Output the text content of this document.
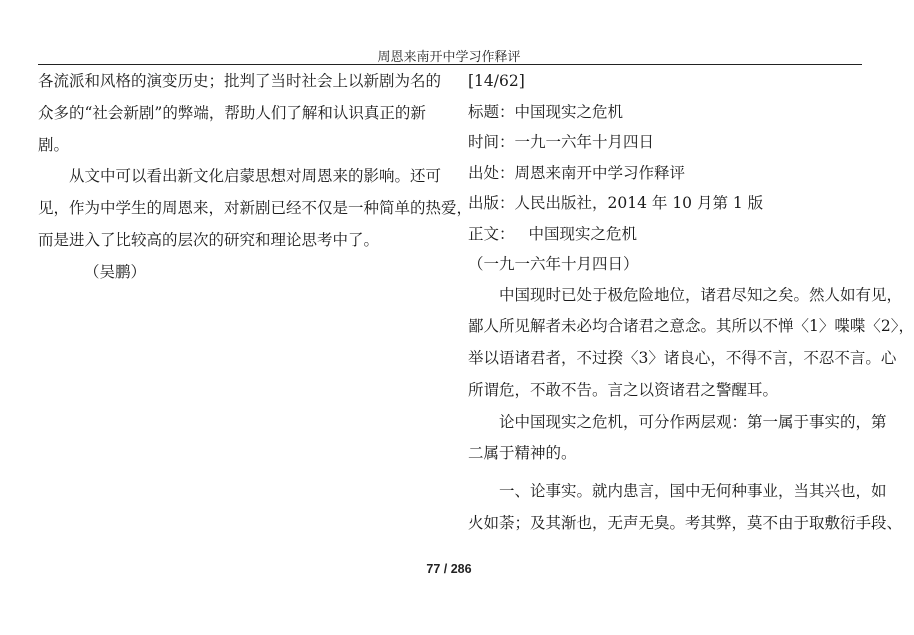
周恩来南开中学习作释评
各流派和风格的演变历史；批判了当时社会上以新剧为名的
众多的“社会新剧”的弊端，帮助人们了解和认识真正的新
剧。
从文中可以看出新文化启蒙思想对周恩来的影响。还可
见，作为中学生的周恩来，对新剧已经不仅是一种简单的热爱，
而是进入了比较高的层次的研究和理论思考中了。
（吴鹏）
[14/62]
标题：中国现实之危机
时间：一九一六年十月四日
出处：周恩来南开中学习作释评
出版：人民出版社，2014 年 10 月第 1 版
正文： 中国现实之危机
（一九一六年十月四日）
中国现时已处于极危险地位，诸君尽知之矣。然人如有见，
鄙人所见解者未必均合诸君之意念。其所以不惮〈1〉喋喋〈2〉，
举以语诸君者，不过揆〈3〉诸良心，不得不言，不忍不言。心
所谓危，不敢不告。言之以资诸君之警醒耳。
论中国现实之危机，可分作两层观：第一属于事实的，第
二属于精神的。
一、论事实。就内患言，国中无何种事业，当其兴也，如
火如荼；及其渐也，无声无臭。考其弊，莫不由于取敷衍手段、
77 / 286
